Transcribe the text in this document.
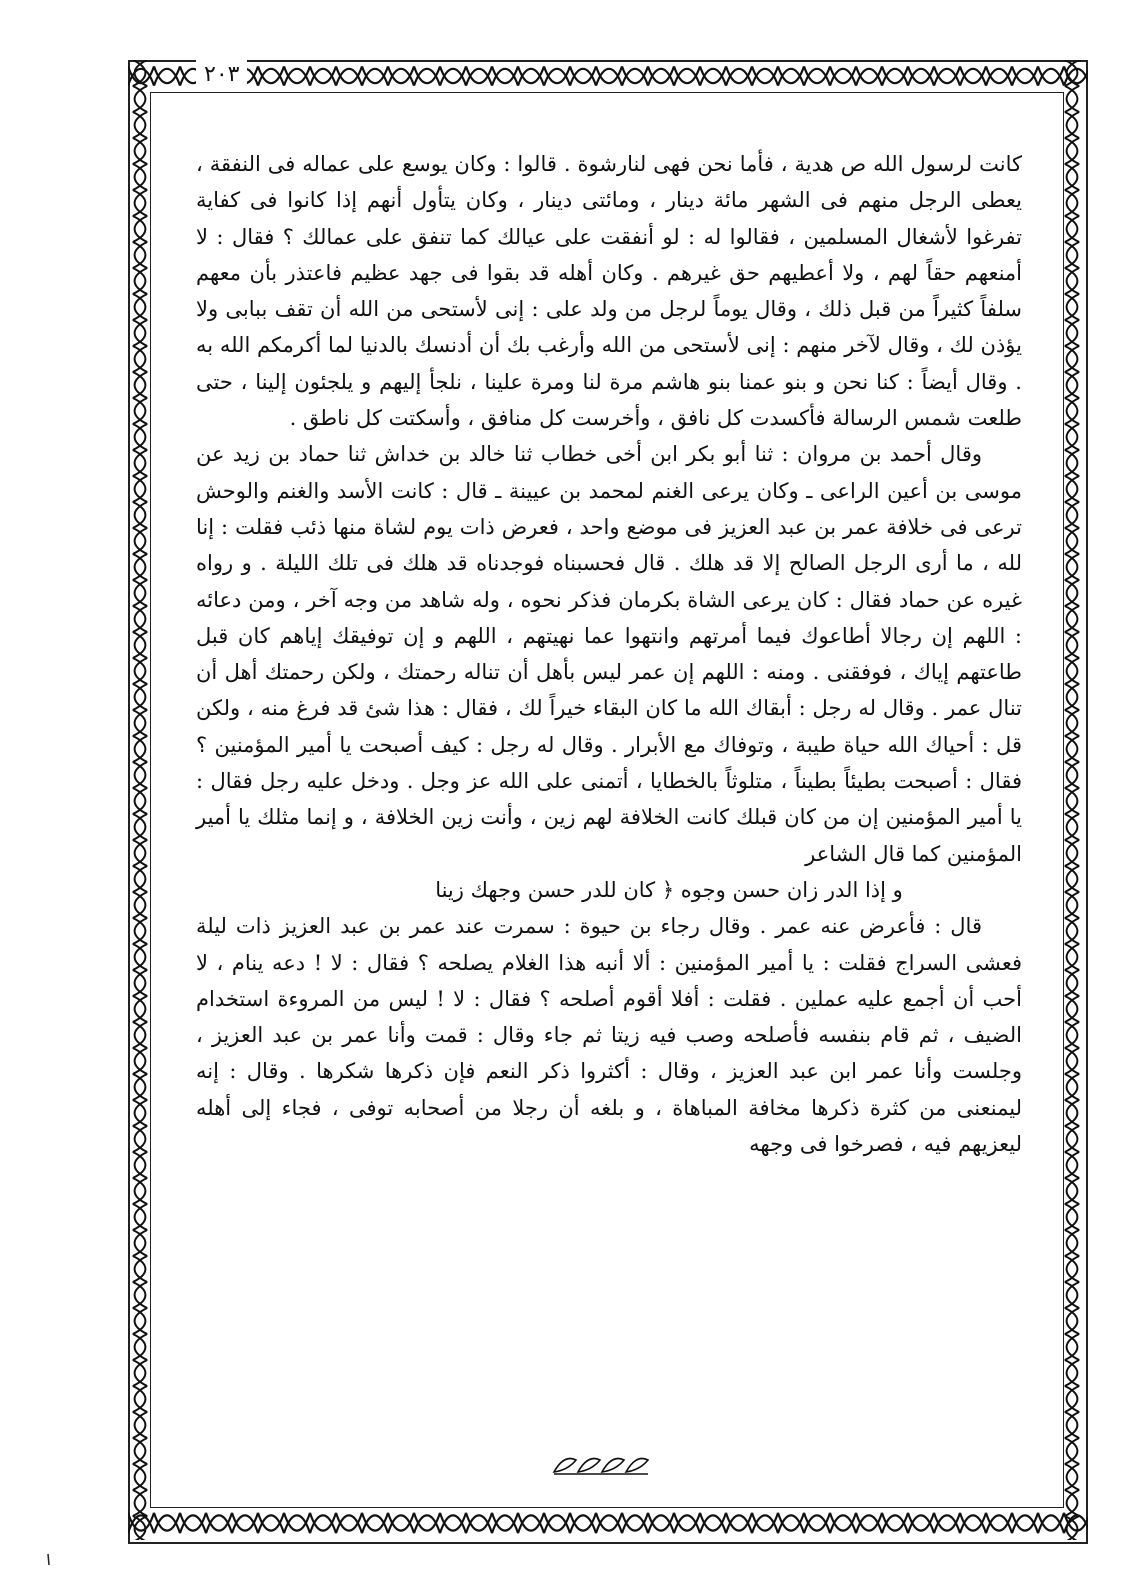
٢٠٣

كانت لرسول الله ص هدية ، فأما نحن فهى لنارشوة . قالوا : وكان يوسع على عماله فى النفقة ، يعطى الرجل منهم فى الشهر مائة دينار ، ومائتى دينار ، وكان يتأول أنهم إذا كانوا فى كفاية تفرغوا لأشغال المسلمين ، فقالوا له : لو أنفقت على عيالك كما تنفق على عمالك ؟ فقال : لا أمنعهم حقاً لهم ، ولا أعطيهم حق غيرهم . وكان أهله قد بقوا فى جهد عظيم فاعتذر بأن معهم سلفاً كثيراً من قبل ذلك ، وقال يوماً لرجل من ولد على : إنى لأستحى من الله أن تقف ببابى ولا يؤذن لك ، وقال لآخر منهم : إنى لأستحى من الله وأرغب بك أن أدنسك بالدنيا لما أكرمكم الله به . وقال أيضاً : كنا نحن و بنو عمنا بنو هاشم مرة لنا ومرة علينا ، نلجأ إليهم و يلجئون إلينا ، حتى طلعت شمس الرسالة فأكسدت كل نافق ، وأخرست كل منافق ، وأسكتت كل ناطق .

وقال أحمد بن مروان : ثنا أبو بكر ابن أخى خطاب ثنا خالد بن خداش ثنا حماد بن زيد عن موسى بن أعين الراعى ـ وكان يرعى الغنم لمحمد بن عيينة ـ قال : كانت الأسد والغنم والوحش ترعى فى خلافة عمر بن عبد العزيز فى موضع واحد ، فعرض ذات يوم لشاة منها ذئب فقلت : إنا لله ، ما أرى الرجل الصالح إلا قد هلك . قال فحسبناه فوجدناه قد هلك فى تلك الليلة . و رواه غيره عن حماد فقال : كان يرعى الشاة بكرمان فذكر نحوه ، وله شاهد من وجه آخر ، ومن دعائه : اللهم إن رجالا أطاعوك فيما أمرتهم وانتهوا عما نهيتهم ، اللهم و إن توفيقك إياهم كان قبل طاعتهم إياك ، فوفقنى . ومنه : اللهم إن عمر ليس بأهل أن تناله رحمتك ، ولكن رحمتك أهل أن تنال عمر . وقال له رجل : أبقاك الله ما كان البقاء خيراً لك ، فقال : هذا شئ قد فرغ منه ، ولكن قل : أحياك الله حياة طيبة ، وتوفاك مع الأبرار . وقال له رجل : كيف أصبحت يا أمير المؤمنين ؟ فقال : أصبحت بطيئاً بطيناً ، متلوثاً بالخطايا ، أتمنى على الله عز وجل . ودخل عليه رجل فقال : يا أمير المؤمنين إن من كان قبلك كانت الخلافة لهم زين ، وأنت زين الخلافة ، و إنما مثلك يا أمير المؤمنين كما قال الشاعر

و إذا الدر زان حسن وجوه ﴿ كان للدر حسن وجهك زينا

قال : فأعرض عنه عمر . وقال رجاء بن حيوة : سمرت عند عمر بن عبد العزيز ذات ليلة فعشى السراج فقلت : يا أمير المؤمنين : ألا أنبه هذا الغلام يصلحه ؟ فقال : لا ! دعه ينام ، لا أحب أن أجمع عليه عملين . فقلت : أفلا أقوم أصلحه ؟ فقال : لا ! ليس من المروءة استخدام الضيف ، ثم قام بنفسه فأصلحه وصب فيه زيتا ثم جاء وقال : قمت وأنا عمر بن عبد العزيز ، وجلست وأنا عمر ابن عبد العزيز ، وقال : أكثروا ذكر النعم فإن ذكرها شكرها . وقال : إنه ليمنعنى من كثرة ذكرها مخافة المباهاة ، و بلغه أن رجلا من أصحابه توفى ، فجاء إلى أهله ليعزيهم فيه ، فصرخوا فى وجهه
